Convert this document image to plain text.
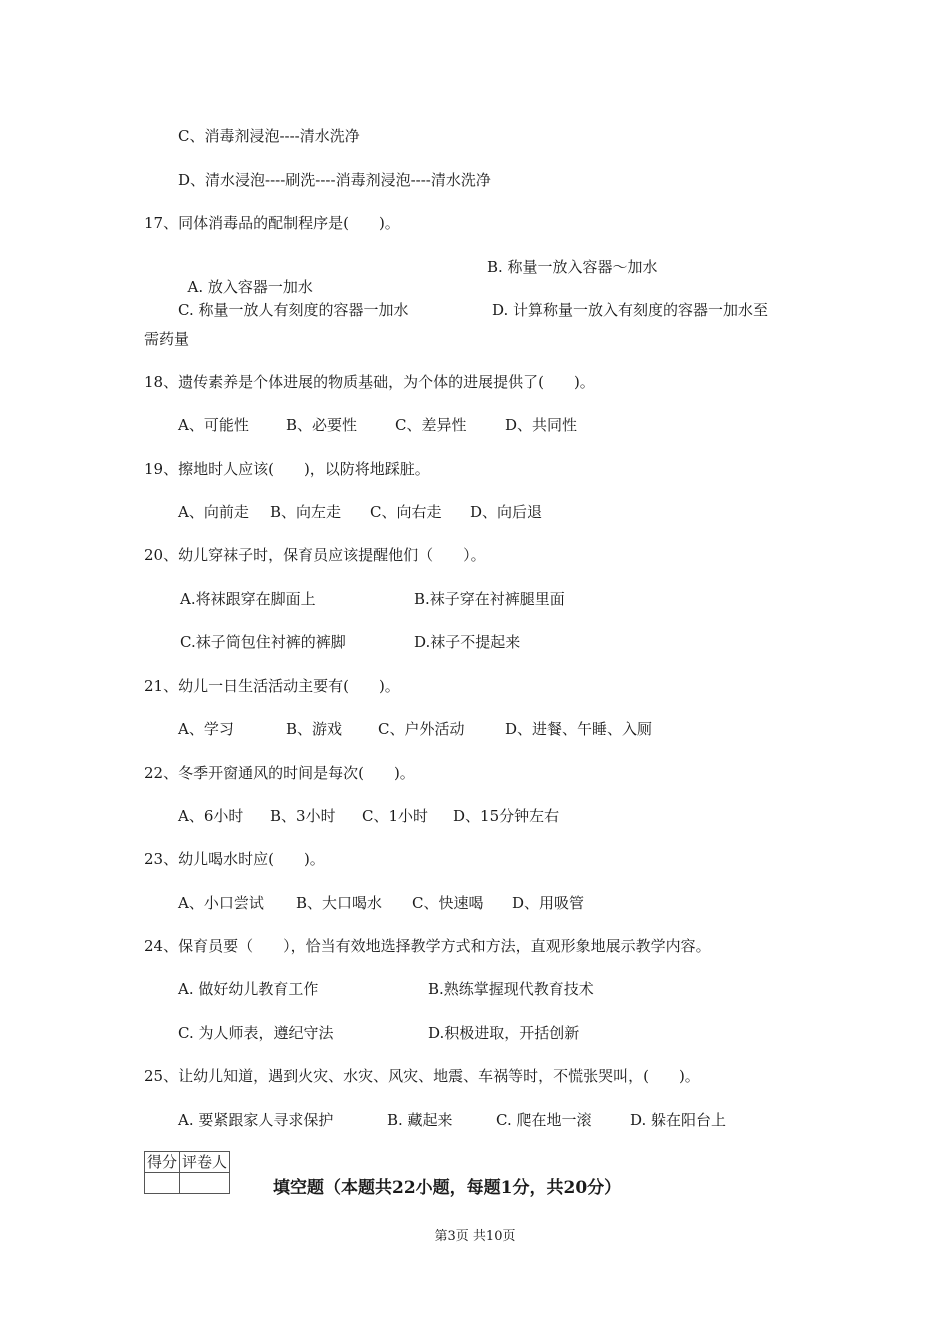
C、消毒剂浸泡----清水洗净
D、清水浸泡----刷洗----消毒剂浸泡----清水洗净
17、同体消毒品的配制程序是(　　)。

A. 放入容器一加水

B. 称量一放入容器～加水
C. 称量一放人有刻度的容器一加水	D. 计算称量一放入有刻度的容器一加水至
需药量
18、遗传素养是个体进展的物质基础，为个体的进展提供了(　　)。
A、可能性 B、必要性	C、差异性	D、共同性
19、擦地时人应该(　　)，以防将地踩脏。
A、向前走 B、向左走 C、向右走 D、向后退
20、幼儿穿袜子时，保育员应该提醒他们（　　）。
A.将袜跟穿在脚面上	B.袜子穿在衬裤腿里面
C.袜子筒包住衬裤的裤脚	D.袜子不提起来
21、幼儿一日生活活动主要有(　　)。
A、学习	B、游戏 C、户外活动	D、进餐、午睡、入厕
22、冬季开窗通风的时间是每次(　　)。
A、6小时 B、3小时 C、1小时 D、15分钟左右
23、幼儿喝水时应(　　)。
A、小口尝试 B、大口喝水 C、快速喝 D、用吸管
24、保育员要（　　），恰当有效地选择教学方式和方法，直观形象地展示教学内容。
A. 做好幼儿教育工作	B.熟练掌握现代教育技术
C. 为人师表，遵纪守法	D.积极进取，开括创新
25、让幼儿知道，遇到火灾、水灾、风灾、地震、车祸等时，不慌张哭叫，(　　)。
A. 要紧跟家人寻求保护	B. 藏起来	C. 爬在地一滚	D. 躲在阳台上
得分	评卷人

填空题（本题共22小题，每题1分，共20分）
第3页 共10页
